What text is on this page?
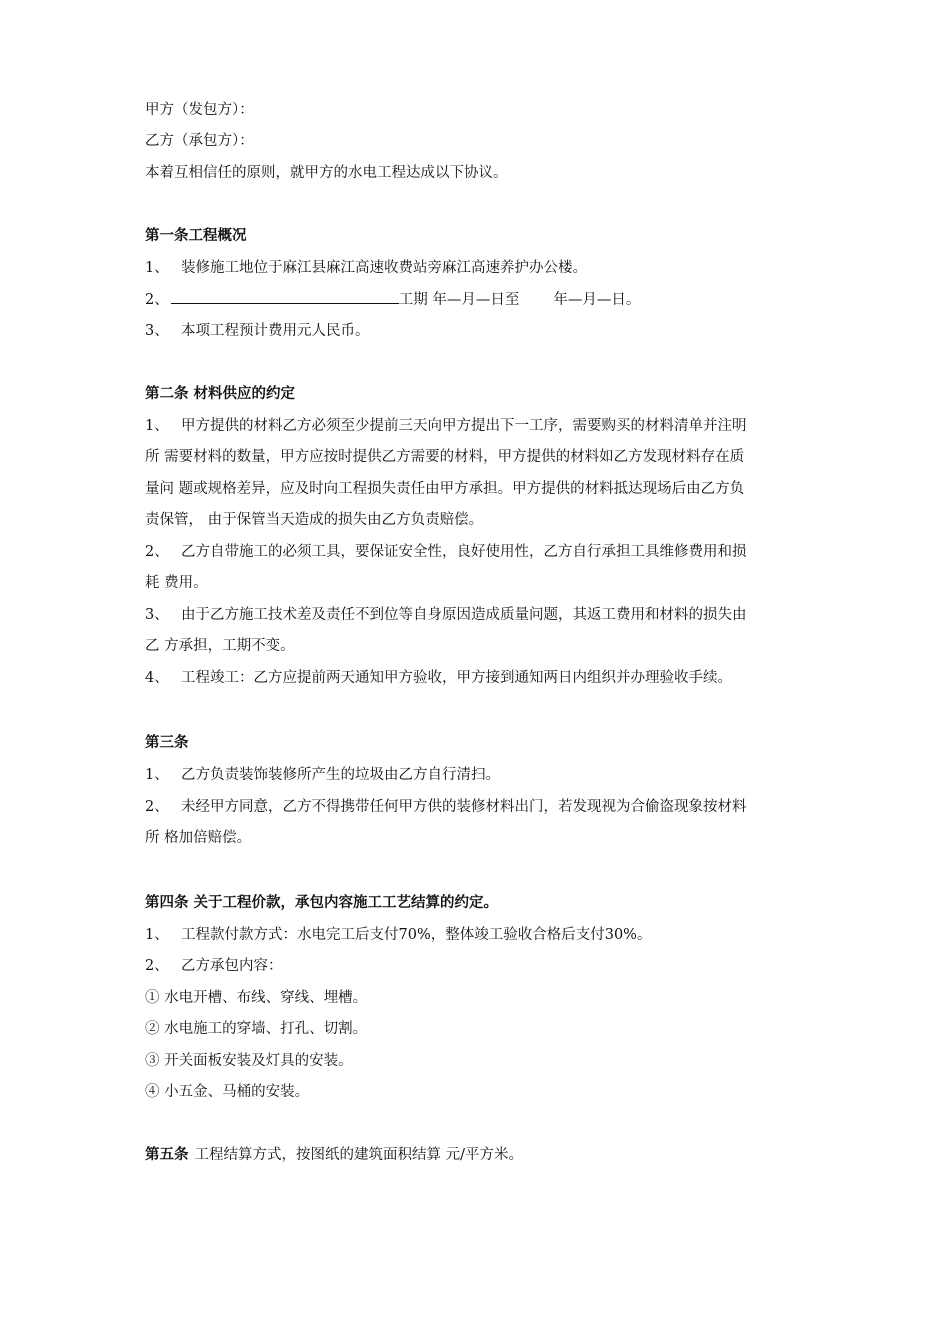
甲方（发包方）：
乙方（承包方）：
本着互相信任的原则，就甲方的水电工程达成以下协议。
第一条工程概况
1、 装修施工地位于麻江县麻江高速收费站旁麻江高速养护办公楼。
2、	工期 年—月—日至 年—月—日。
3、 本项工程预计费用元人民币。
第二条 材料供应的约定
1、 甲方提供的材料乙方必须至少提前三天向甲方提出下一工序，需要购买的材料清单并注明
所 需要材料的数量，甲方应按时提供乙方需要的材料，甲方提供的材料如乙方发现材料存在质
量问 题或规格差异，应及时向工程损失责任由甲方承担。甲方提供的材料抵达现场后由乙方负
责保管， 由于保管当天造成的损失由乙方负责赔偿。
2、 乙方自带施工的必须工具，要保证安全性，良好使用性，乙方自行承担工具维修费用和损
耗 费用。
3、 由于乙方施工技术差及责任不到位等自身原因造成质量问题，其返工费用和材料的损失由
乙 方承担，工期不变。
4、 工程竣工：乙方应提前两天通知甲方验收，甲方接到通知两日内组织并办理验收手续。
第三条
1、 乙方负责装饰装修所产生的垃圾由乙方自行清扫。
2、 未经甲方同意，乙方不得携带任何甲方供的装修材料出门，若发现视为合偷盗现象按材料
所 格加倍赔偿。
第四条 关于工程价款，承包内容施工工艺结算的约定。
1、 工程款付款方式：水电完工后支付70%，整体竣工验收合格后支付30%。
2、 乙方承包内容：
① 水电开槽、布线、穿线、埋槽。
② 水电施工的穿墙、打孔、切割。
③ 开关面板安装及灯具的安装。
④ 小五金、马桶的安装。
第五条 工程结算方式，按图纸的建筑面积结算 元/平方米。
